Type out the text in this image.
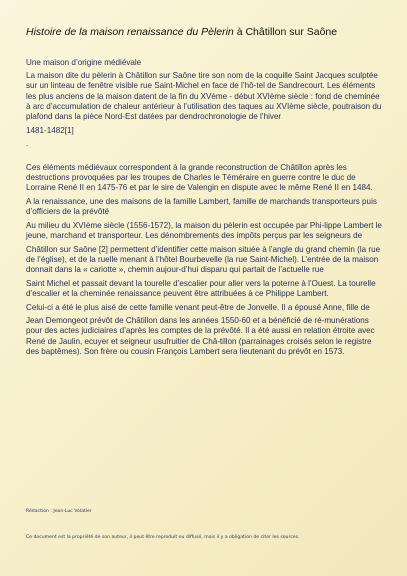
Histoire de la maison renaissance du Pèlerin à Châtillon sur Saône

Une maison d’origine médiévale

La maison dite du pèlerin à Châtillon sur Saône tire son nom de la coquille Saint Jacques sculptée sur un linteau de fenêtre visible rue Saint-Michel en face de l’hô-tel de Sandrecourt. Les éléments les plus anciens de la maison datent de la fin du XVème - début XVIème siècle : fond de cheminée à arc d’accumulation de chaleur antérieur à l’utilisation des taques au XVIème siècle, poutraison du plafond dans la pièce Nord-Est datées par dendrochronologie de l’hiver

1481-1482[1]

.

Ces éléments médiévaux correspondent à la grande reconstruction de Châtillon après les destructions provoquées par les troupes de Charles le Téméraire en guerre contre le duc de Lorraine René II en 1475-76 et par le sire de Valengin en dispute avec le même René II en 1484.

A la renaissance, une des maisons de la famille Lambert, famille de marchands transporteurs puis d’officiers de la prévôté

Au milieu du XVIème siècle (1556-1572), la maison du pèlerin est occupée par Phi-lippe Lambert le jeune, marchand et transporteur. Les dénombrements des impôts perçus par les seigneurs de

Châtillon sur Saône [2] permettent d’identifier cette maison située à l’angle du grand chemin (la rue de l’église), et de la ruelle menant à l’hôtel Bourbevelle (la rue Saint-Michel). L’entrée de la maison donnait dans la « cariotte », chemin aujour-d’hui disparu qui partait de l’actuelle rue

Saint Michel et passait devant la tourelle d’escalier pour aller vers la poterne à l’Ouest. La tourelle d’escalier et la cheminée renaissance peuvent être attribuées à ce Philippe Lambert.

Celui-ci a été le plus aisé de cette famille venant peut-être de Jonvelle. Il a épousé Anne, fille de

Jean Demongeot prévôt de Châtillon dans les années 1550-60 et a bénéficié de ré-munérations pour des actes judiciaires d’après les comptes de la prévôté. Il a été aussi en relation étroite avec René de Jaulin, ecuyer et seigneur usufruitier de Châ-tillon (parrainages croisés selon le registre des baptêmes). Son frère ou cousin François Lambert sera lieutenant du prévôt en 1573.

Rédaction : Jean-Luc Volatier
Ce document est la propriété de son auteur, il peut être reproduit ou diffusé, mais il y a obligation de citer les sources.
